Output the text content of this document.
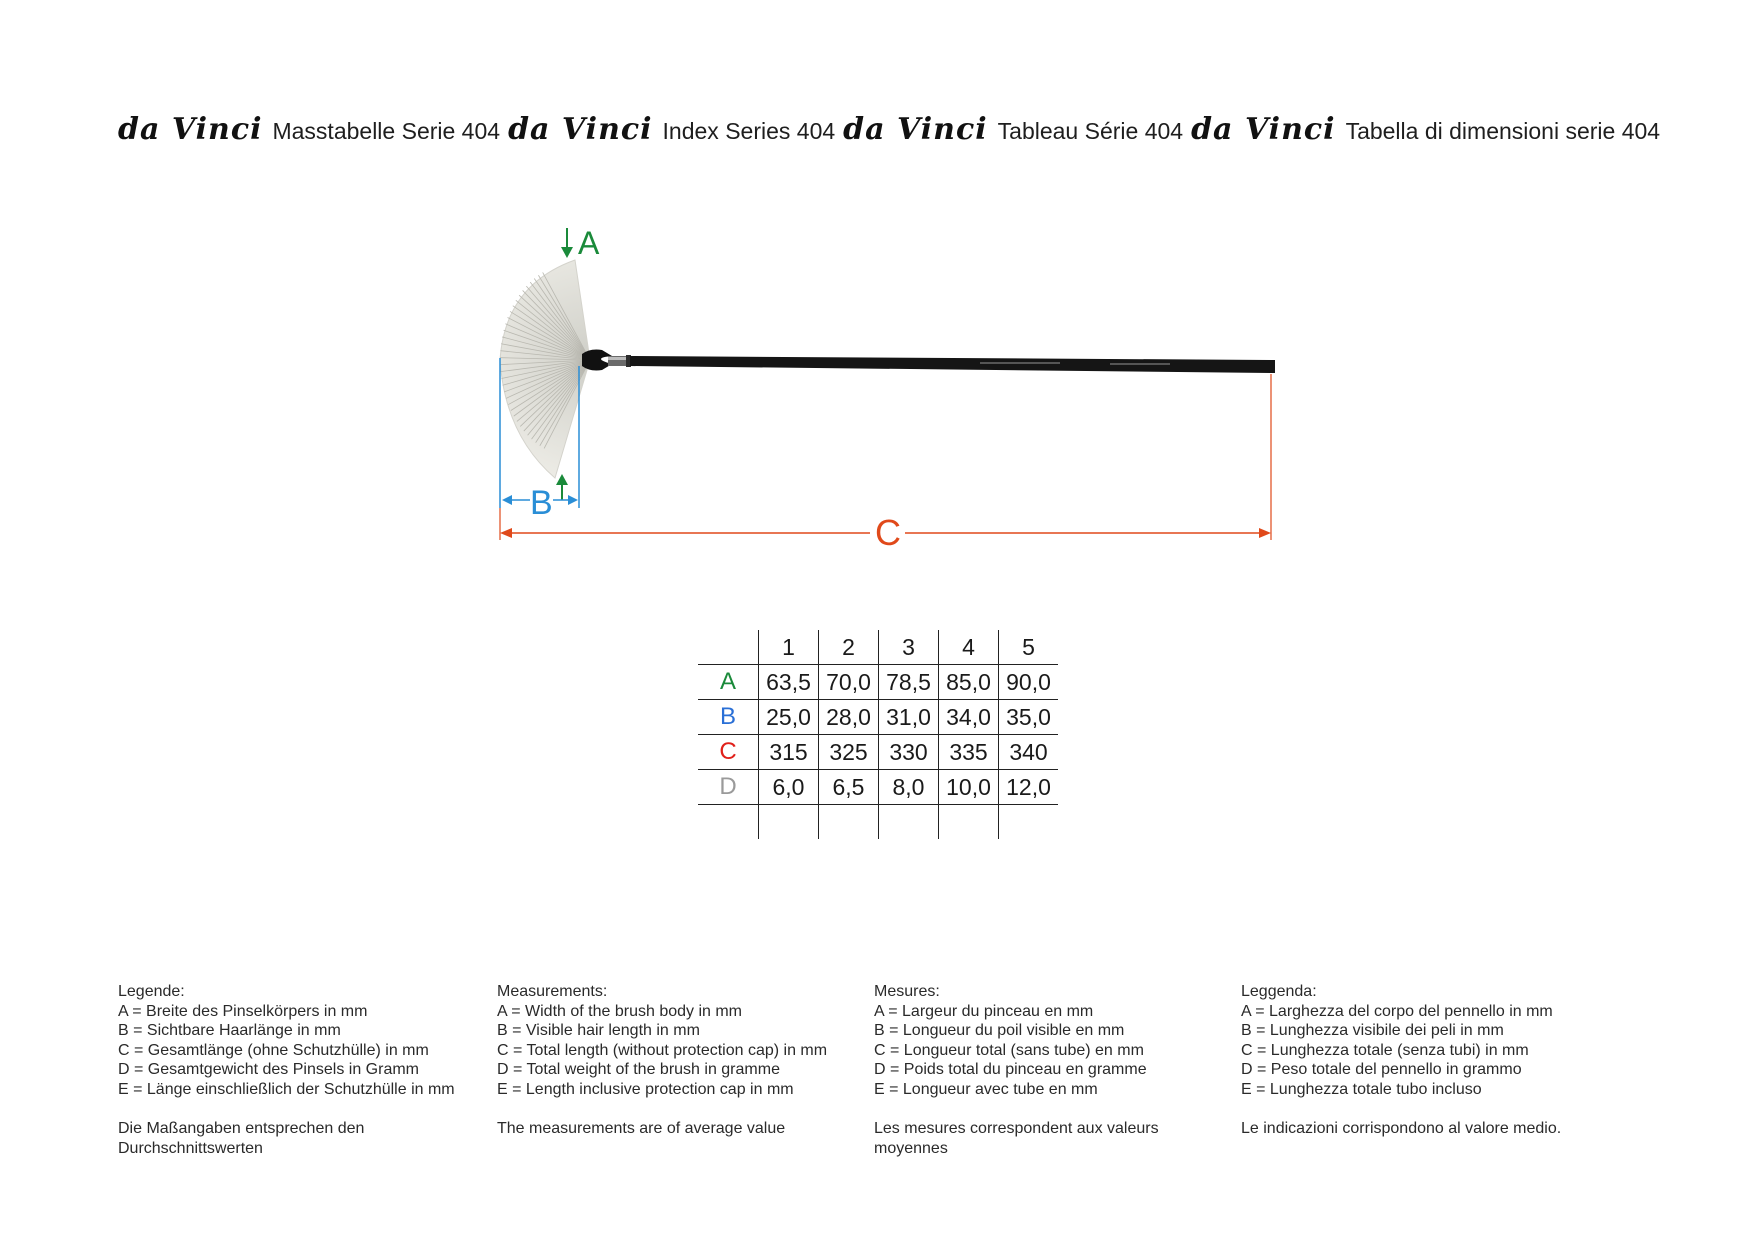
da Vinci Masstabelle Serie 404 da Vinci Index Series 404 da Vinci Tableau Série 404 da Vinci Tabella di dimensioni serie 404
A
B
C
	1	2	3	4	5
A	63,5	70,0	78,5	85,0	90,0
B	25,0	28,0	31,0	34,0	35,0
C	315	325	330	335	340
D	6,0	6,5	8,0	10,0	12,0

Legende:
A = Breite des Pinselkörpers in mm
B = Sichtbare Haarlänge in mm
C = Gesamtlänge (ohne Schutzhülle) in mm
D = Gesamtgewicht des Pinsels in Gramm
E = Länge einschließlich der Schutzhülle in mm
Die Maßangaben entsprechen den Durchschnittswerten
Measurements:
A = Width of the brush body in mm
B = Visible hair length in mm
C = Total length (without protection cap) in mm
D = Total weight of the brush in gramme
E = Length inclusive protection cap in mm
The measurements are of average value
Mesures:
A = Largeur du pinceau en mm
B = Longueur du poil visible en mm
C = Longueur total (sans tube) en mm
D = Poids total du pinceau en gramme
E = Longueur avec tube en mm
Les mesures correspondent aux valeurs moyennes
Leggenda:
A = Larghezza del corpo del pennello in mm
B = Lunghezza visibile dei peli in mm
C = Lunghezza totale (senza tubi) in mm
D = Peso totale del pennello in grammo
E = Lunghezza totale tubo incluso
Le indicazioni corrispondono al valore medio.
